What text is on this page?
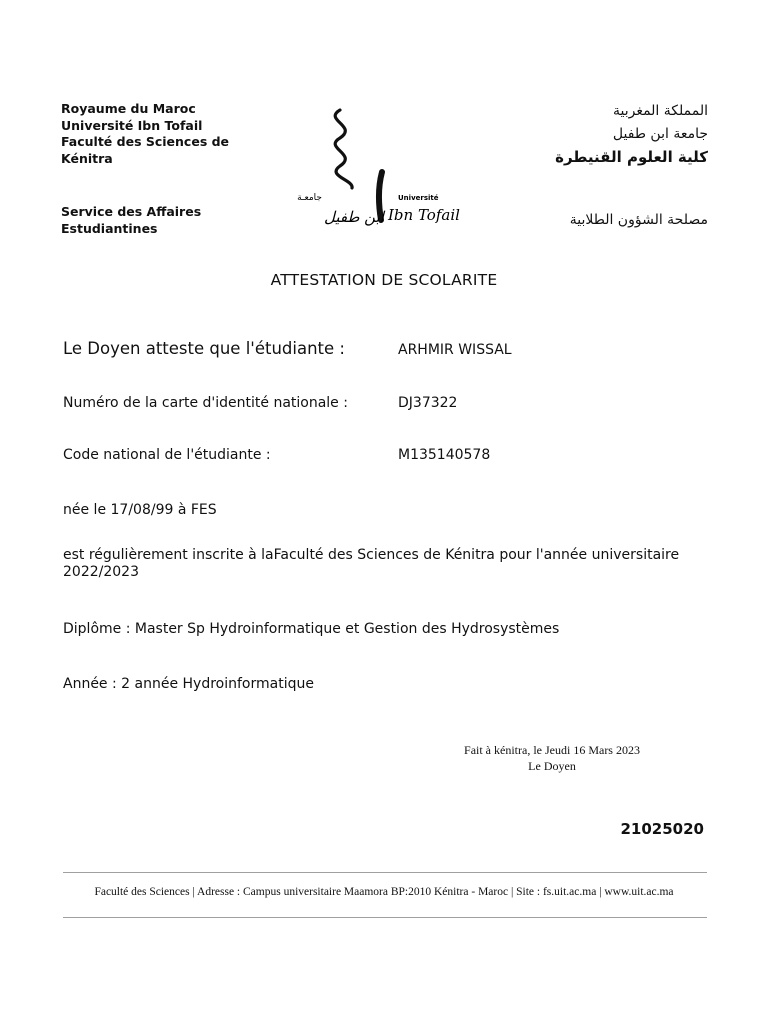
Royaume du Maroc
Université Ibn Tofail
Faculté des Sciences de
Kénitra
Service des Affaires
Estudiantines
جامعـة
ابن طفيل
Université
Ibn Tofail
المملكة المغربية
جامعة ابن طفيل
كلية العلوم القنيطرة
مصلحة الشؤون الطلابية
ATTESTATION DE SCOLARITE
Le Doyen atteste que l'étudiante :	ARHMIR WISSAL
Numéro de la carte d'identité nationale :	DJ37322
Code national de l'étudiante :	M135140578
née le 17/08/99 à FES
est régulièrement inscrite à laFaculté des Sciences de Kénitra pour l'année universitaire 2022/2023
Diplôme : Master Sp Hydroinformatique et Gestion des Hydrosystèmes
Année : 2 année Hydroinformatique
Fait à kénitra, le Jeudi 16 Mars 2023
Le Doyen
21025020
Faculté des Sciences | Adresse : Campus universitaire Maamora BP:2010 Kénitra - Maroc | Site : fs.uit.ac.ma | www.uit.ac.ma
